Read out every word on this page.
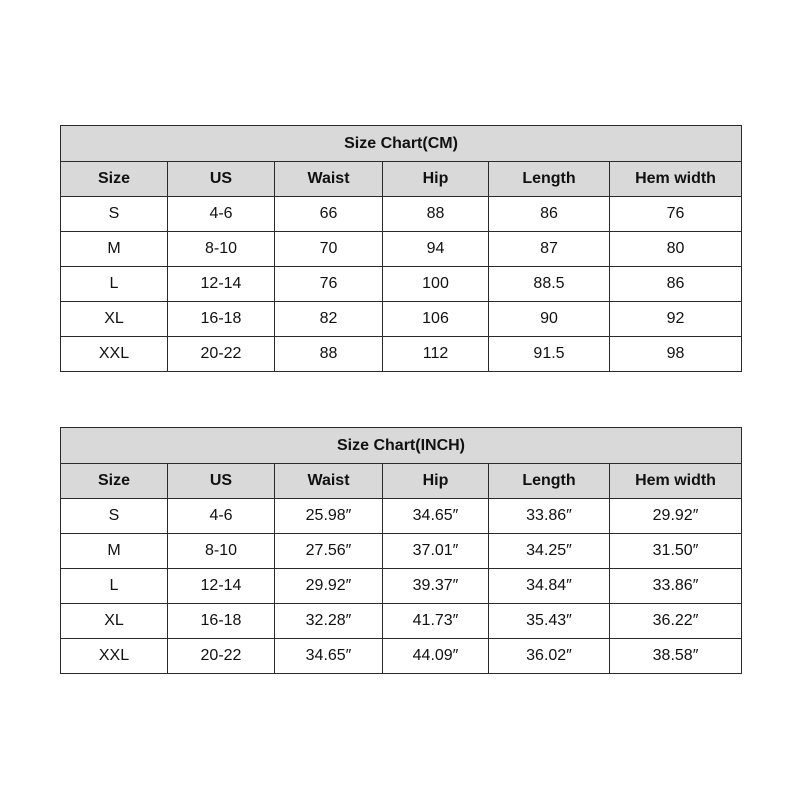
Size Chart(CM)					
Size	US	Waist	Hip	Length	Hem width
S	4-6	66	88	86	76
M	8-10	70	94	87	80
L	12-14	76	100	88.5	86
XL	16-18	82	106	90	92
XXL	20-22	88	112	91.5	98
Size Chart(INCH)					
Size	US	Waist	Hip	Length	Hem width
S	4-6	25.98″	34.65″	33.86″	29.92″
M	8-10	27.56″	37.01″	34.25″	31.50″
L	12-14	29.92″	39.37″	34.84″	33.86″
XL	16-18	32.28″	41.73″	35.43″	36.22″
XXL	20-22	34.65″	44.09″	36.02″	38.58″
